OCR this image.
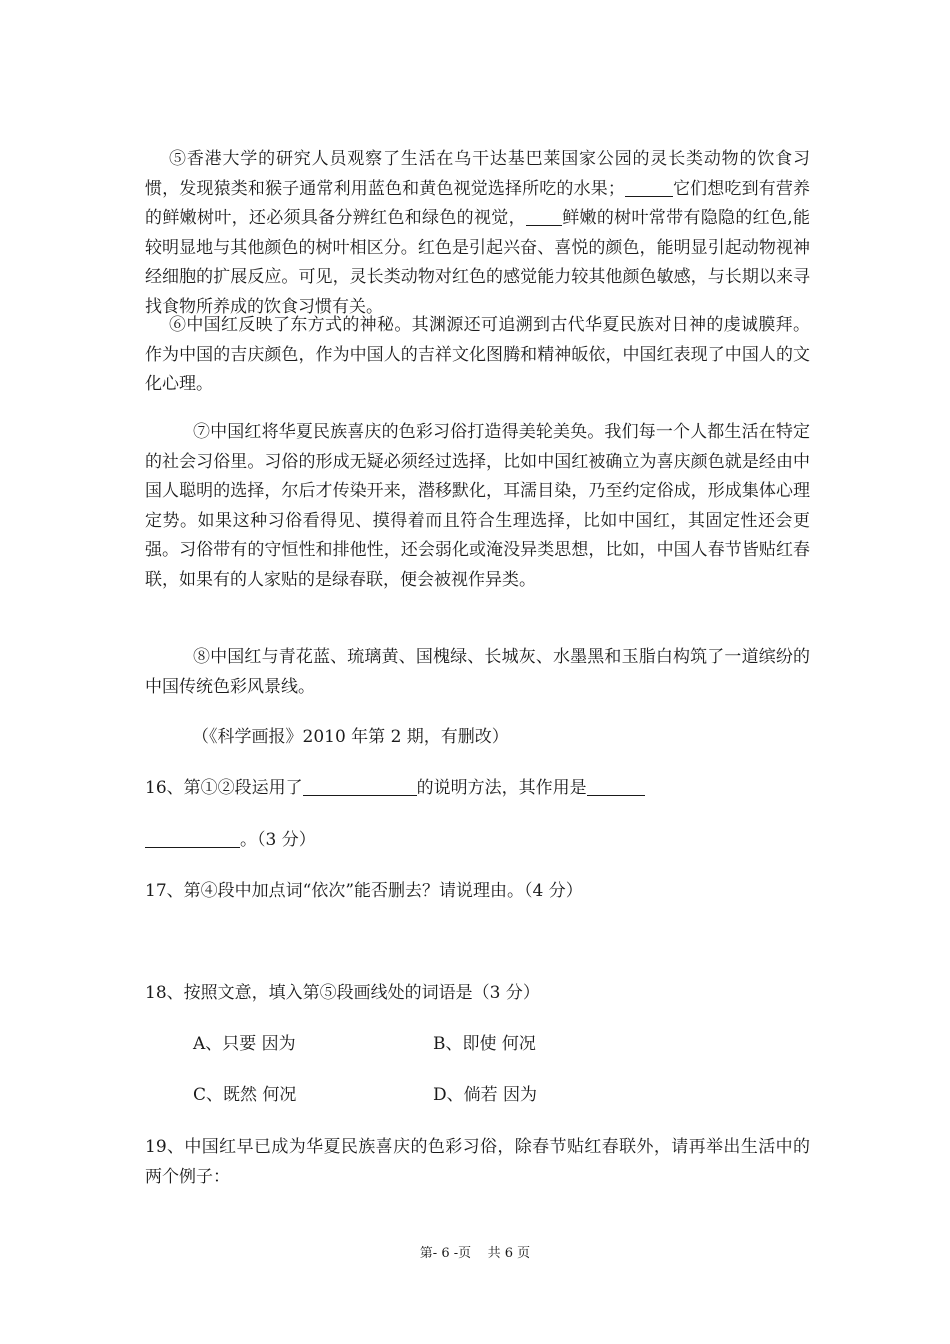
⑤香港大学的研究人员观察了生活在乌干达基巴莱国家公园的灵长类动物的饮食习惯，发现猿类和猴子通常利用蓝色和黄色视觉选择所吃的水果；	它们想吃到有营养的鲜嫩树叶，还必须具备分辨红色和绿色的视觉， 鲜嫩的树叶常带有隐隐的红色,能较明显地与其他颜色的树叶相区分。红色是引起兴奋、喜悦的颜色，能明显引起动物视神经细胞的扩展反应。可见，灵长类动物对红色的感觉能力较其他颜色敏感，与长期以来寻找食物所养成的饮食习惯有关。

⑥中国红反映了东方式的神秘。其渊源还可追溯到古代华夏民族对日神的虔诚膜拜。作为中国的吉庆颜色，作为中国人的吉祥文化图腾和精神皈依，中国红表现了中国人的文化心理。

⑦中国红将华夏民族喜庆的色彩习俗打造得美轮美奂。我们每一个人都生活在特定的社会习俗里。习俗的形成无疑必须经过选择，比如中国红被确立为喜庆颜色就是经由中国人聪明的选择，尔后才传染开来，潜移默化，耳濡目染，乃至约定俗成，形成集体心理定势。如果这种习俗看得见、摸得着而且符合生理选择，比如中国红，其固定性还会更强。习俗带有的守恒性和排他性，还会弱化或淹没异类思想，比如，中国人春节皆贴红春联，如果有的人家贴的是绿春联，便会被视作异类。

⑧中国红与青花蓝、琉璃黄、国槐绿、长城灰、水墨黑和玉脂白构筑了一道缤纷的中国传统色彩风景线。

（《科学画报》2010 年第 2 期，有删改）

16、第①②段运用了	的说明方法，其作用是

。（3 分）

17、第④段中加点词“依次”能否删去？请说理由。（4 分）

18、按照文意，填入第⑤段画线处的词语是（3 分）

A、只要 因为	B、即使 何况
C、既然 何况	D、倘若 因为

19、中国红早已成为华夏民族喜庆的色彩习俗，除春节贴红春联外，请再举出生活中的两个例子：

第- 6 -页    共 6 页
